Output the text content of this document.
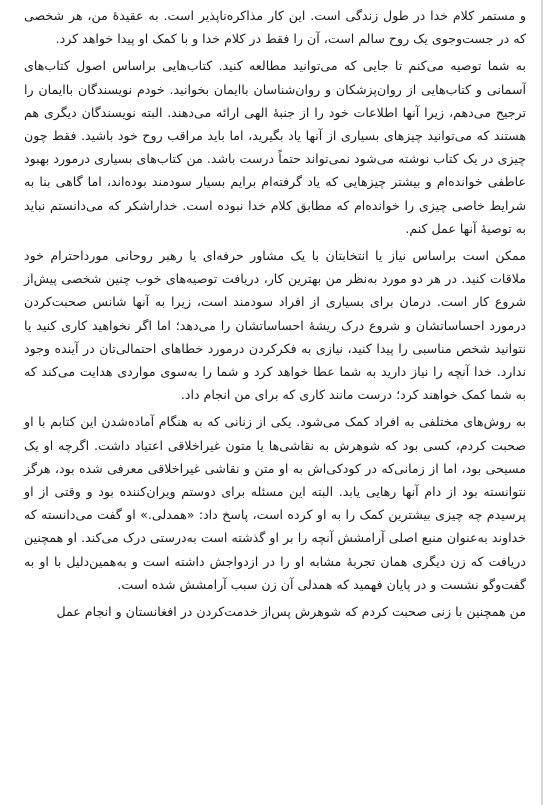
و مستمر کلام خدا در طول زندگی است. این کار مذاکره‌ناپذیر است. به عقیدهٔ من، هر شخصی که در جست‌وجوی یک روح سالم است، آن را فقط در کلام خدا و با کمک او پیدا خواهد کرد.

به شما توصیه می‌کنم تا جایی که می‌توانید مطالعه کنید. کتاب‌هایی براساس اصول کتاب‌های آسمانی و کتاب‌هایی از روان‌پزشکان و روان‌شناسان باایمان بخوانید. خودم نویسندگان باایمان را ترجیح می‌دهم، زیرا آنها اطلاعات خود را از جنبهٔ الهی ارائه می‌دهند. البته نویسندگان دیگری هم هستند که می‌توانید چیزهای بسیاری از آنها یاد بگیرید، اما باید مراقب روح خود باشید. فقط چون چیزی در یک کتاب نوشته می‌شود نمی‌تواند حتماً درست باشد. من کتاب‌های بسیاری درمورد بهبود عاطفی خوانده‌ام و بیشتر چیزهایی که یاد گرفته‌ام برایم بسیار سودمند بوده‌اند، اما گاهی بنا به شرایط خاصی چیزی را خوانده‌ام که مطابق کلام خدا نبوده است. خداراشکر که می‌دانستم نباید به توصیهٔ آنها عمل کنم.

ممکن است براساس نیاز یا انتخابتان با یک مشاور حرفه‌ای یا رهبر روحانی مورداحترام خود ملاقات کنید. در هر دو مورد به‌نظر من بهترین کار، دریافت توصیه‌های خوب چنین شخصی پیش‌از شروع کار است. درمان برای بسیاری از افراد سودمند است، زیرا به آنها شانس صحبت‌کردن درمورد احساساتشان و شروع درک ریشهٔ احساساتشان را می‌دهد؛ اما اگر نخواهید کاری کنید یا نتوانید شخص مناسبی را پیدا کنید، نیازی به فکرکردن درمورد خطاهای احتمالی‌تان در آینده وجود ندارد. خدا آنچه را نیاز دارید به شما عطا خواهد کرد و شما را به‌سوی مواردی هدایت می‌کند که به شما کمک خواهند کرد؛ درست مانند کاری که برای من انجام داد.

به روش‌های مختلفی به افراد کمک می‌شود. یکی از زنانی که به هنگام آماده‌شدن این کتابم با او صحبت کردم، کسی بود که شوهرش به نقاشی‌ها یا متون غیراخلاقی اعتیاد داشت. اگرچه او یک مسیحی بود، اما از زمانی‌که در کودکی‌اش به او متن و نقاشی غیراخلاقی معرفی شده بود، هرگز نتوانسته بود از دام آنها رهایی یابد. البته این مسئله برای دوستم ویران‌کننده بود و وقتی از او پرسیدم چه چیزی بیشترین کمک را به او کرده است، پاسخ داد: «همدلی.» او گفت می‌دانسته که خداوند به‌عنوان منبع اصلی آرامشش آنچه را بر او گذشته است به‌درستی درک می‌کند. او همچنین دریافت که زن دیگری همان تجربهٔ مشابه او را در ازدواجش داشته است و به‌همین‌دلیل با او به گفت‌وگو نشست و در پایان فهمید که همدلی آن زن سبب آرامشش شده است.

من همچنین با زنی صحبت کردم که شوهرش پس‌از خدمت‌کردن در افغانستان و انجام عمل
